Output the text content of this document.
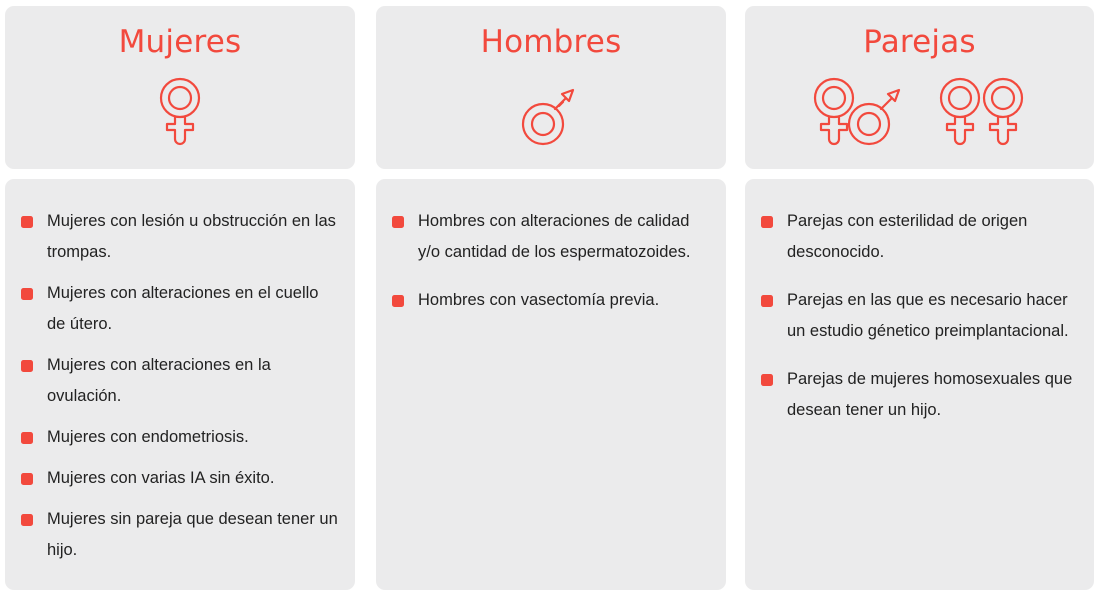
Mujeres	Hombres	Parejas
Mujeres con lesión u obstrucción en las trompas.
Mujeres con alteraciones en el cuello de útero.
Mujeres con alteraciones en la ovulación.
Mujeres con endometriosis.
Mujeres con varias IA sin éxito.
Mujeres sin pareja que desean tener un hijo.
Hombres con alteraciones de calidad y/o cantidad de los espermatozoides.
Hombres con vasectomía previa.
Parejas con esterilidad de origen desconocido.
Parejas en las que es necesario hacer un estudio génetico preimplantacional.
Parejas de mujeres homosexuales que desean tener un hijo.
